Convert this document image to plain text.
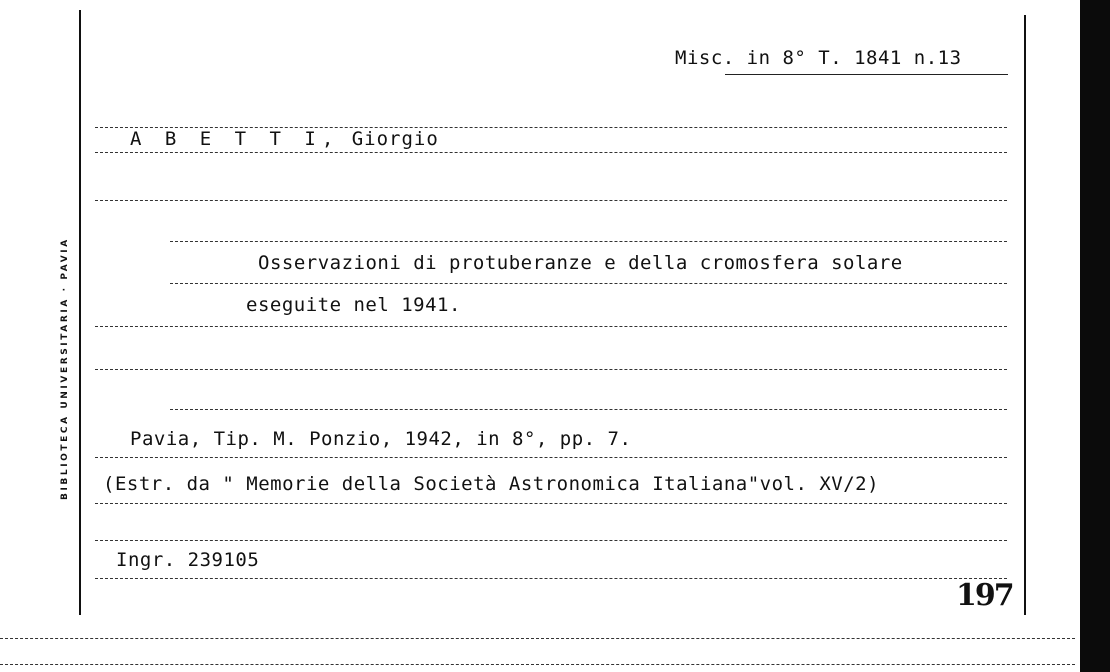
BIBLIOTECA UNIVERSITARIA · PAVIA
Misc. in 8° T. 1841 n.13
A B E T T I, Giorgio
Osservazioni di protuberanze e della cromosfera solare
eseguite nel 1941.
Pavia, Tip. M. Ponzio, 1942, in 8°, pp. 7.
(Estr. da " Memorie della Società Astronomica Italiana"vol. XV/2)
Ingr. 239105
197
